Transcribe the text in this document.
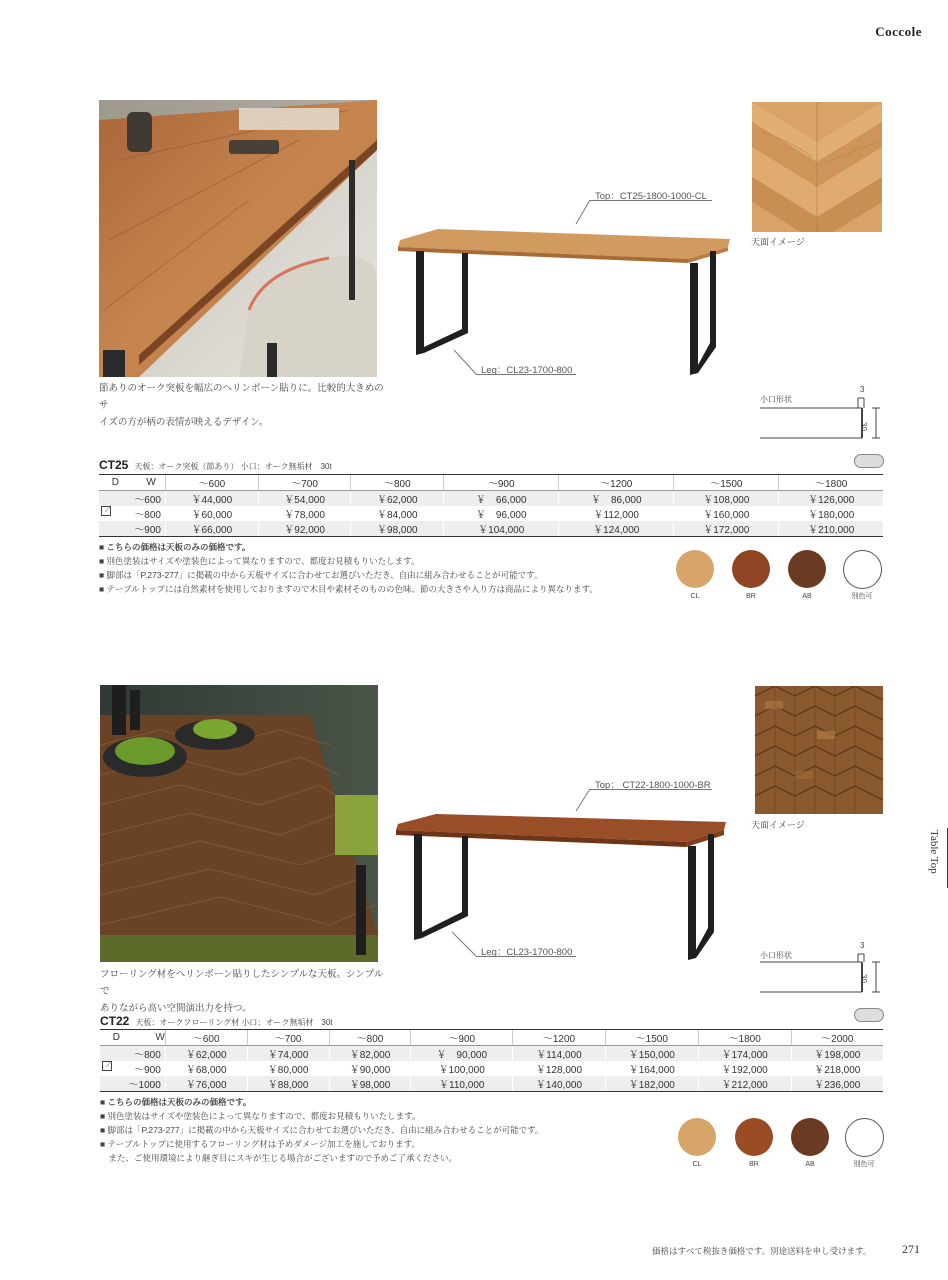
Coccole
Table Top
節ありのオーク突板を幅広のヘリンボーン貼りに。比較的大きめのサ
イズの方が柄の表情が映えるデザイン。
Top：CT25-1800-1000-CL
Leg：CL23-1700-800
天面イメージ
小口形状
3
30
CT25 天板：オーク突板（節あり） 小口：オーク無垢材　30t
D W	～600	～700	～800	～900	～1200	～1500	～1800
～600	￥44,000	￥54,000	￥62,000	￥　66,000	￥　86,000	￥108,000	￥126,000

⟋ ～800	￥60,000	￥78,000	￥84,000	￥　96,000	￥112,000	￥160,000	￥180,000
～900	￥66,000	￥92,000	￥98,000	￥104,000	￥124,000	￥172,000	￥210,000
■ こちらの価格は天板のみの価格です。
■ 別色塗装はサイズや塗装色によって異なりますので、都度お見積もりいたします。
■ 脚部は「P.273-277」に掲載の中から天板サイズに合わせてお選びいただき、自由に組み合わせることが可能です。
■ テーブルトップには自然素材を使用しておりますので木目や素材そのものの色味、節の大きさや入り方は商品により異なります。
CL	BR	AB	別色可
フローリング材をヘリンボーン貼りしたシンプルな天板。シンプルで
ありながら高い空間演出力を持つ。
Top： CT22-1800-1000-BR
Leg：CL23-1700-800
天面イメージ
小口形状
3
30
CT22 天板：オークフローリング材 小口：オーク無垢材　30t
D W	～600	～700	～800	～900	～1200	～1500	～1800	～2000
～800	￥62,000	￥74,000	￥82,000	￥　90,000	￥114,000	￥150,000	￥174,000	￥198,000

⟋ ～900	￥68,000	￥80,000	￥90,000	￥100,000	￥128,000	￥164,000	￥192,000	￥218,000
～1000	￥76,000	￥88,000	￥98,000	￥110,000	￥140,000	￥182,000	￥212,000	￥236,000
■ こちらの価格は天板のみの価格です。
■ 別色塗装はサイズや塗装色によって異なりますので、都度お見積もりいたします。
■ 脚部は「P.273-277」に掲載の中から天板サイズに合わせてお選びいただき、自由に組み合わせることが可能です。
■ テーブルトップに使用するフローリング材は予めダメージ加工を施しております。
　また、ご使用環境により継ぎ目にスキが生じる場合がございますので予めご了承ください。
CL	BR	AB	別色可
価格はすべて税抜き価格です。別途送料を申し受けます。	271
